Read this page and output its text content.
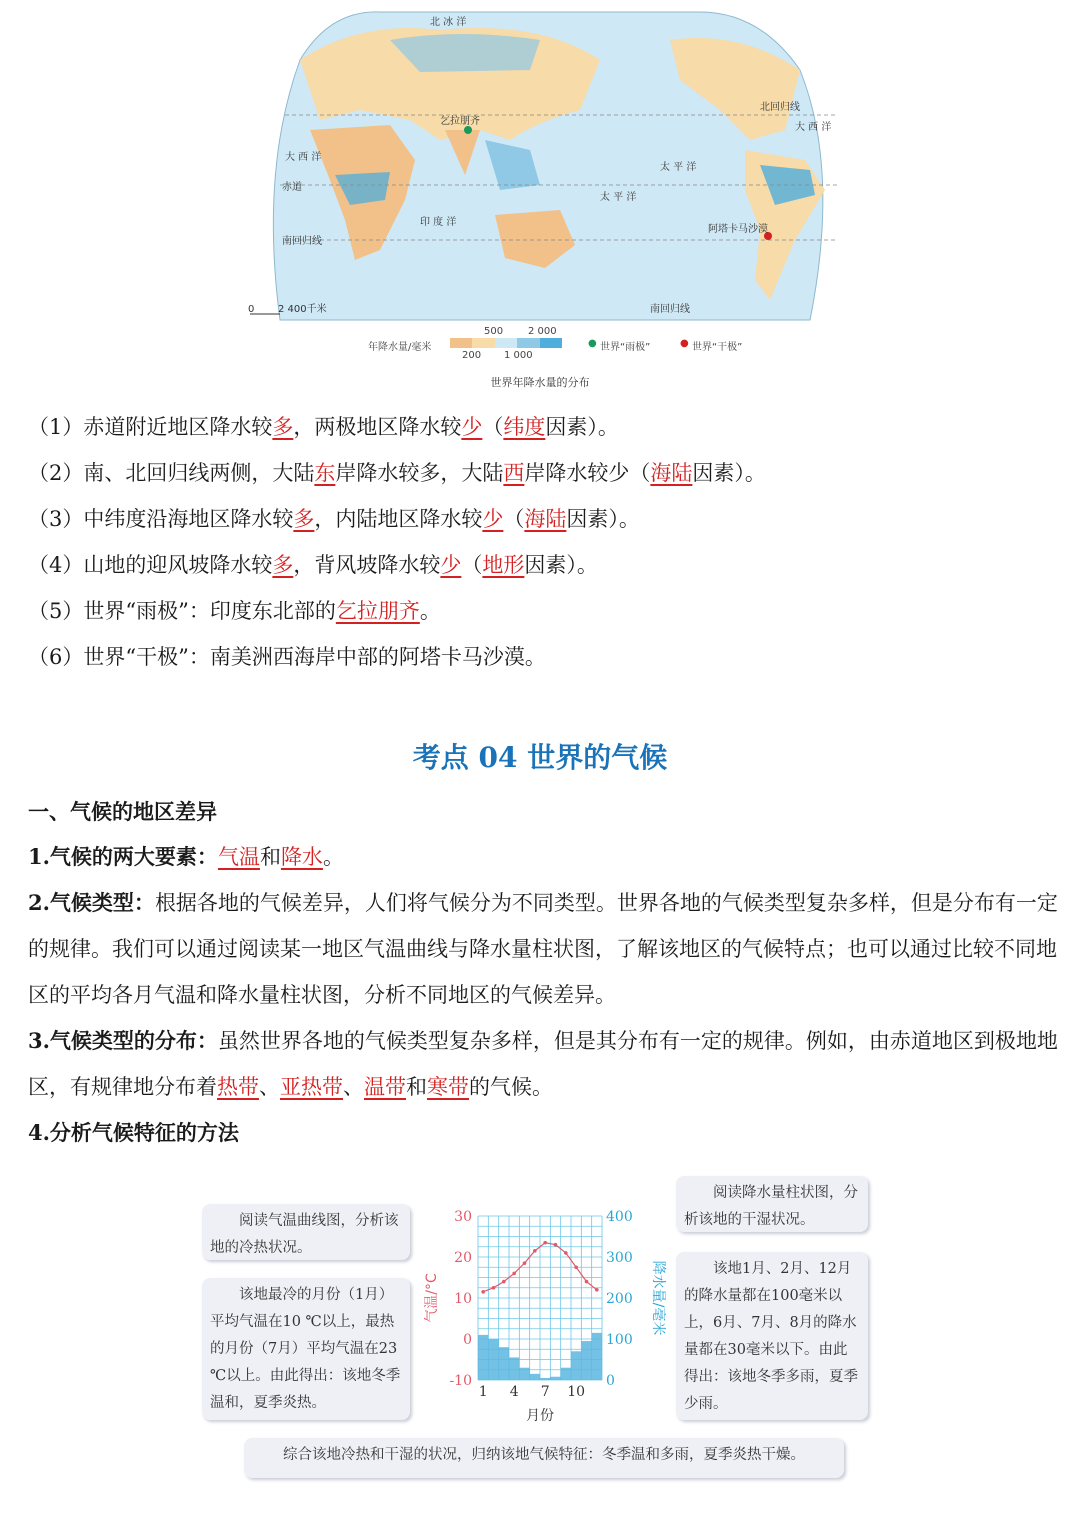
北 冰 洋
太 平 洋
印 度 洋
大 西 洋
大 西 洋
太 平 洋
赤道
南回归线
北回归线
南回归线
乞拉朋齐
阿塔卡马沙漠
0 2 400千米
年降水量/毫米
500 2 000
200 1 000
● 世界“雨极”	● 世界“干极”
世界年降水量的分布
（1）赤道附近地区降水较多，两极地区降水较少（纬度因素）。
（2）南、北回归线两侧，大陆东岸降水较多，大陆西岸降水较少（海陆因素）。
（3）中纬度沿海地区降水较多，内陆地区降水较少（海陆因素）。
（4）山地的迎风坡降水较多，背风坡降水较少（地形因素）。
（5）世界“雨极”：印度东北部的乞拉朋齐。
（6）世界“干极”：南美洲西海岸中部的阿塔卡马沙漠。
考点 04 世界的气候
一、气候的地区差异
1.气候的两大要素：气温和降水。
2.气候类型：根据各地的气候差异，人们将气候分为不同类型。世界各地的气候类型复杂多样，但是分布有一定的规律。我们可以通过阅读某一地区气温曲线与降水量柱状图，了解该地区的气候特点；也可以通过比较不同地区的平均各月气温和降水量柱状图，分析不同地区的气候差异。
3.气候类型的分布：虽然世界各地的气候类型复杂多样，但是其分布有一定的规律。例如，由赤道地区到极地地区，有规律地分布着热带、亚热带、温带和寒带的气候。
4.分析气候特征的方法
阅读气温曲线图，分析该地的冷热状况。
该地最冷的月份（1月）平均气温在10 ℃以上，最热的月份（7月）平均气温在23 ℃以上。由此得出：该地冬季温和，夏季炎热。
阅读降水量柱状图，分析该地的干湿状况。
该地1月、2月、12月的降水量都在100毫米以上，6月、7月、8月的降水量都在30毫米以下。由此得出：该地冬季多雨，夏季少雨。
综合该地冷热和干湿的状况，归纳该地气候特征：冬季温和多雨，夏季炎热干燥。
30
20
10
0
-10
400
300
200
100
0
1 4 7 10
气温/°C	降水量/毫米
月份
